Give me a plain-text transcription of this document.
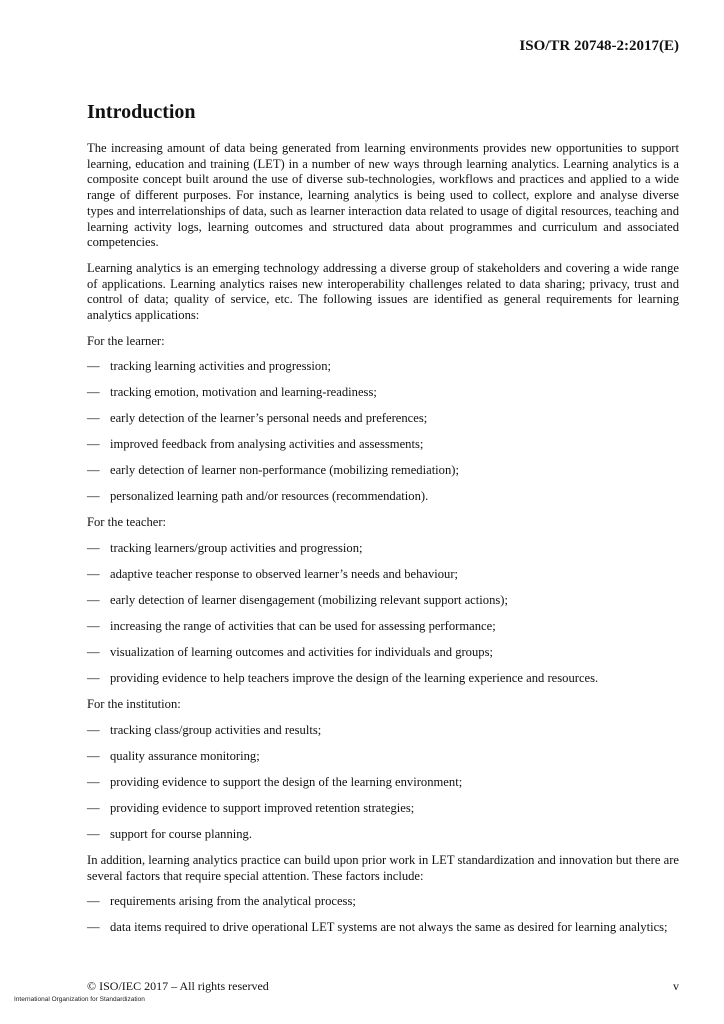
ISO/TR 20748-2:2017(E)
Introduction
The increasing amount of data being generated from learning environments provides new opportunities to support learning, education and training (LET) in a number of new ways through learning analytics. Learning analytics is a composite concept built around the use of diverse sub-technologies, workflows and practices and applied to a wide range of different purposes. For instance, learning analytics is being used to collect, explore and analyse diverse types and interrelationships of data, such as learner interaction data related to usage of digital resources, teaching and learning activity logs, learning outcomes and structured data about programmes and curriculum and associated competencies.
Learning analytics is an emerging technology addressing a diverse group of stakeholders and covering a wide range of applications. Learning analytics raises new interoperability challenges related to data sharing; privacy, trust and control of data; quality of service, etc. The following issues are identified as general requirements for learning analytics applications:
For the learner:
— tracking learning activities and progression;
— tracking emotion, motivation and learning-readiness;
— early detection of the learner’s personal needs and preferences;
— improved feedback from analysing activities and assessments;
— early detection of learner non-performance (mobilizing remediation);
— personalized learning path and/or resources (recommendation).
For the teacher:
— tracking learners/group activities and progression;
— adaptive teacher response to observed learner’s needs and behaviour;
— early detection of learner disengagement (mobilizing relevant support actions);
— increasing the range of activities that can be used for assessing performance;
— visualization of learning outcomes and activities for individuals and groups;
— providing evidence to help teachers improve the design of the learning experience and resources.
For the institution:
— tracking class/group activities and results;
— quality assurance monitoring;
— providing evidence to support the design of the learning environment;
— providing evidence to support improved retention strategies;
— support for course planning.
In addition, learning analytics practice can build upon prior work in LET standardization and innovation but there are several factors that require special attention. These factors include:
— requirements arising from the analytical process;
— data items required to drive operational LET systems are not always the same as desired for learning analytics;
© ISO/IEC 2017 – All rights reserved
International Organization for Standardization
v
